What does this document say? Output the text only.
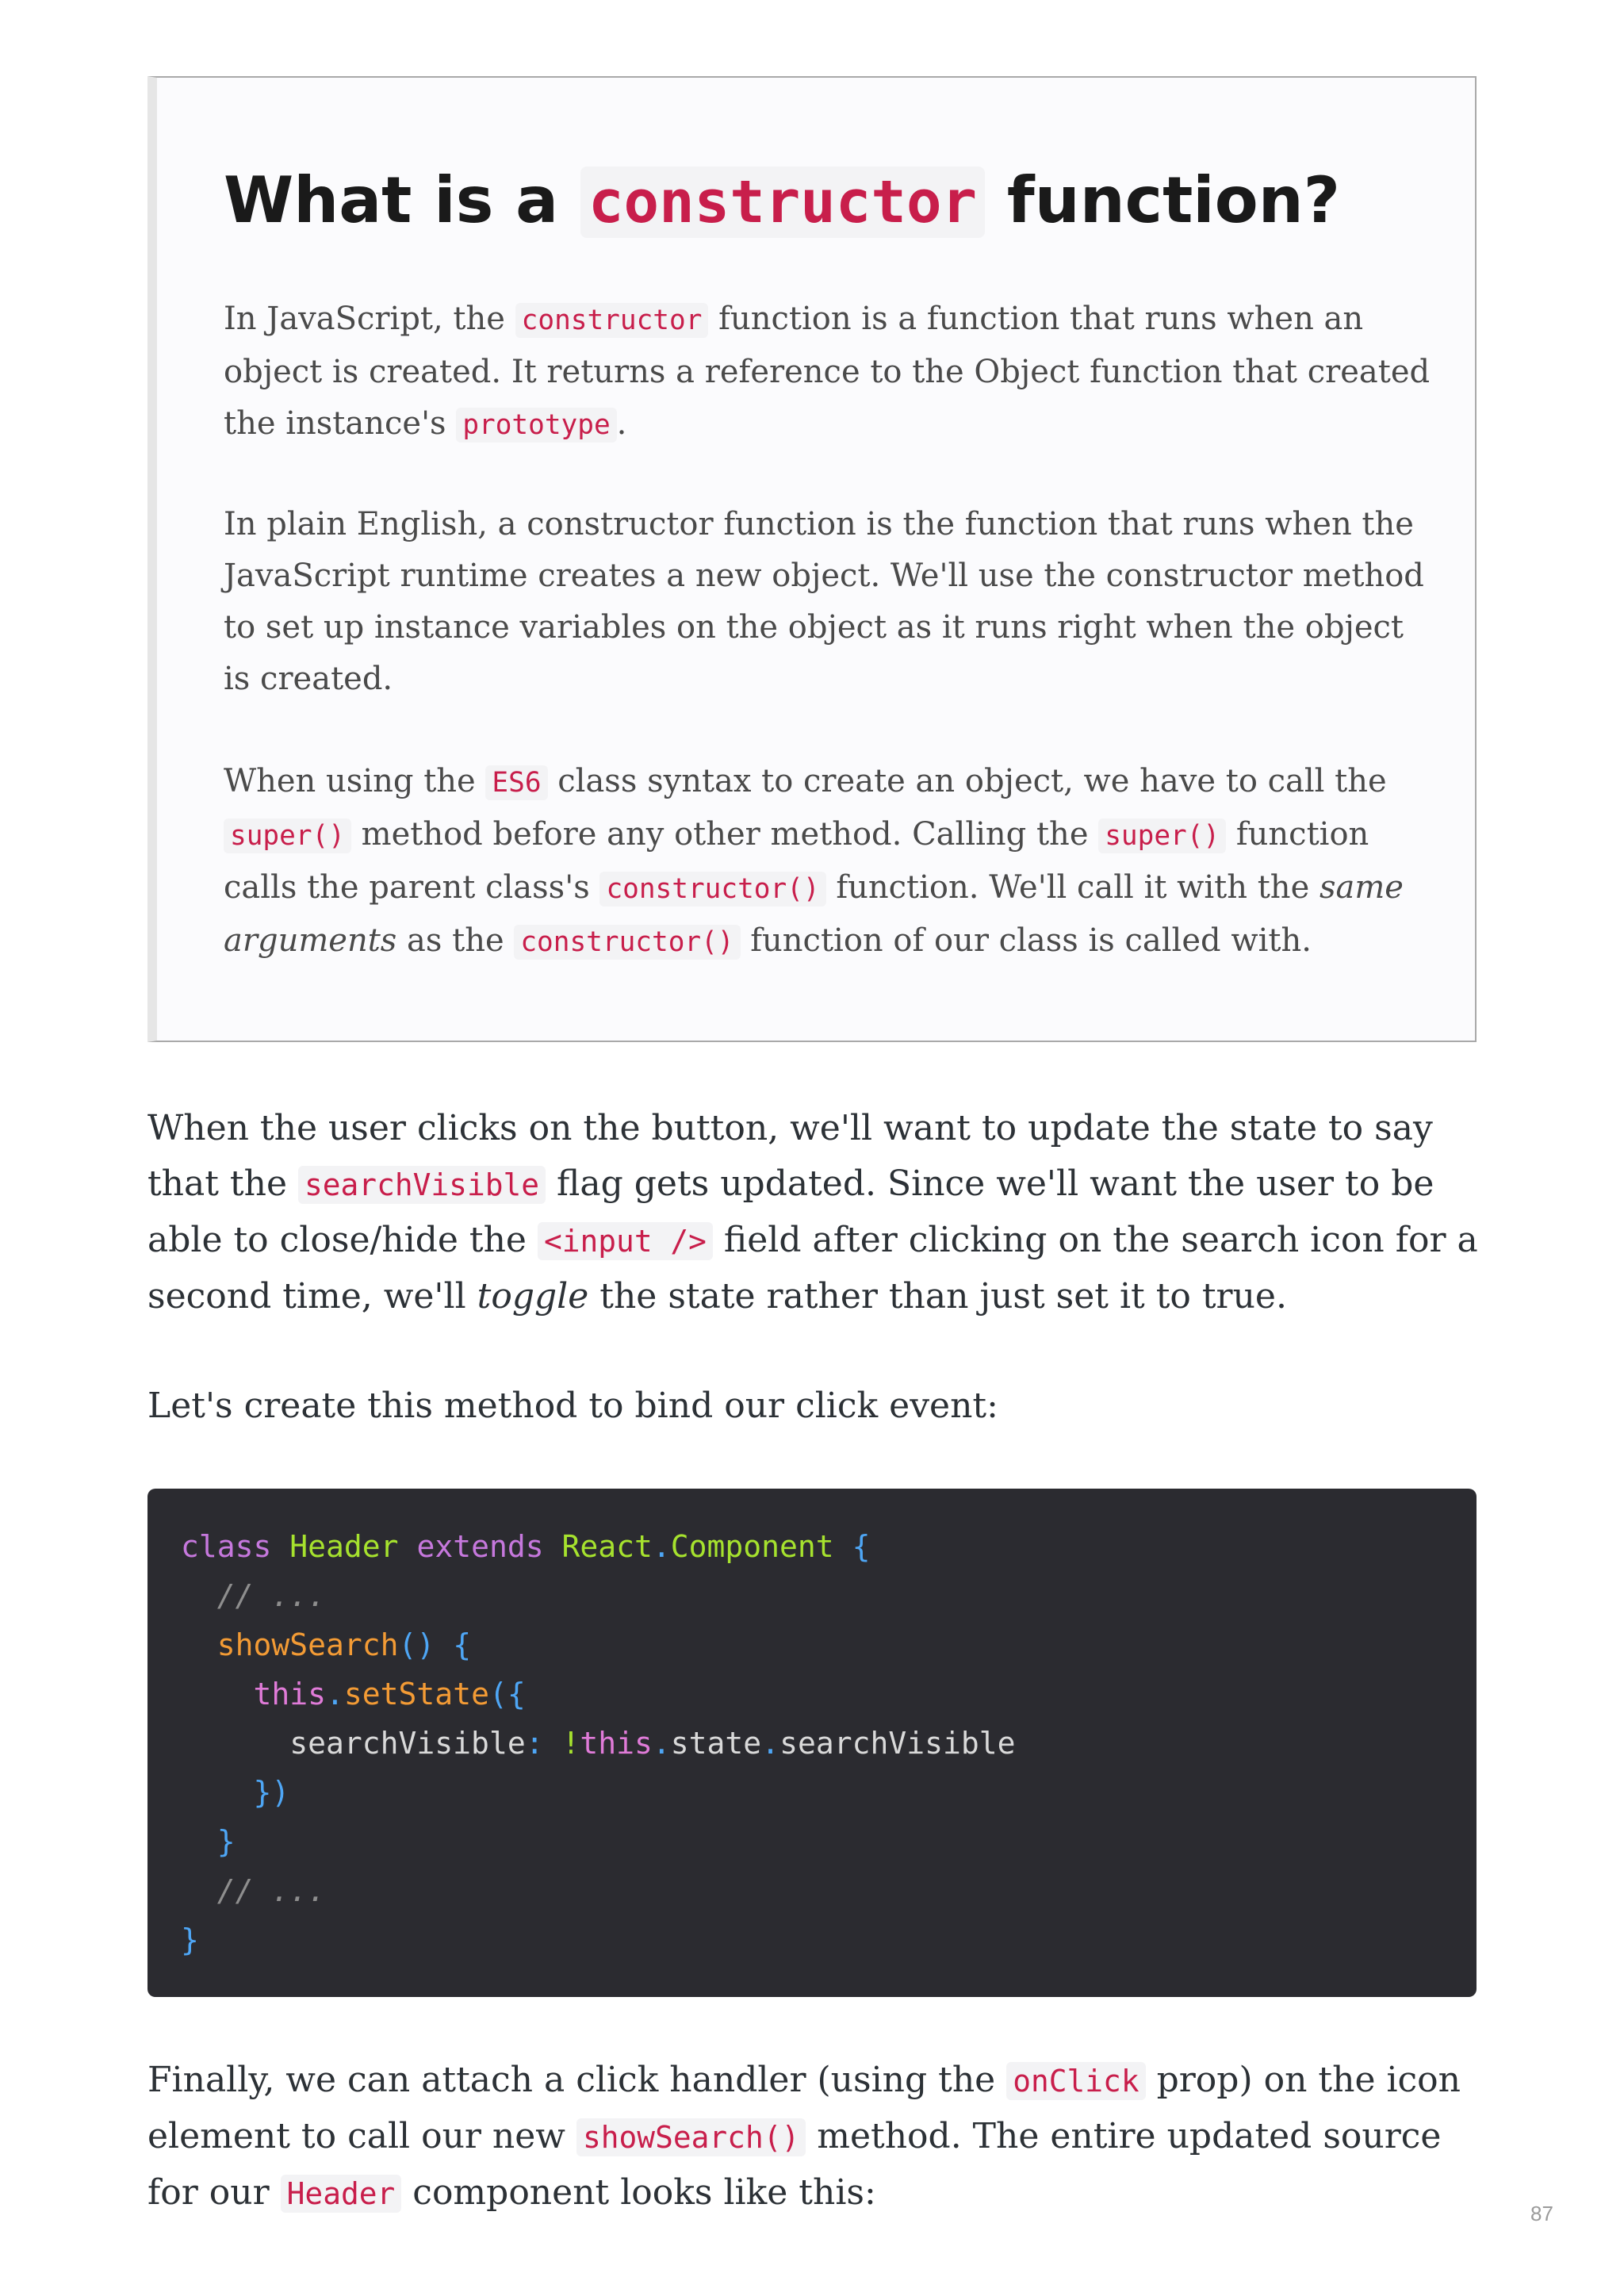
What is a constructor function?

In JavaScript, the constructor function is a function that runs when an object is created. It returns a reference to the Object function that created the instance's prototype .

In plain English, a constructor function is the function that runs when the JavaScript runtime creates a new object. We'll use the constructor method to set up instance variables on the object as it runs right when the object is created.

When using the ES6 class syntax to create an object, we have to call the super() method before any other method. Calling the super() function calls the parent class's constructor() function. We'll call it with the same arguments as the constructor() function of our class is called with.

When the user clicks on the button, we'll want to update the state to say that the searchVisible flag gets updated. Since we'll want the user to be able to close/hide the <input /> field after clicking on the search icon for a second time, we'll toggle the state rather than just set it to true.

Let's create this method to bind our click event:

class Header extends React.Component {
// ...
showSearch() {
this.setState({
searchVisible: !this.state.searchVisible
})
}
// ...
}

Finally, we can attach a click handler (using the onClick prop) on the icon element to call our new showSearch() method. The entire updated source for our Header component looks like this:

87
